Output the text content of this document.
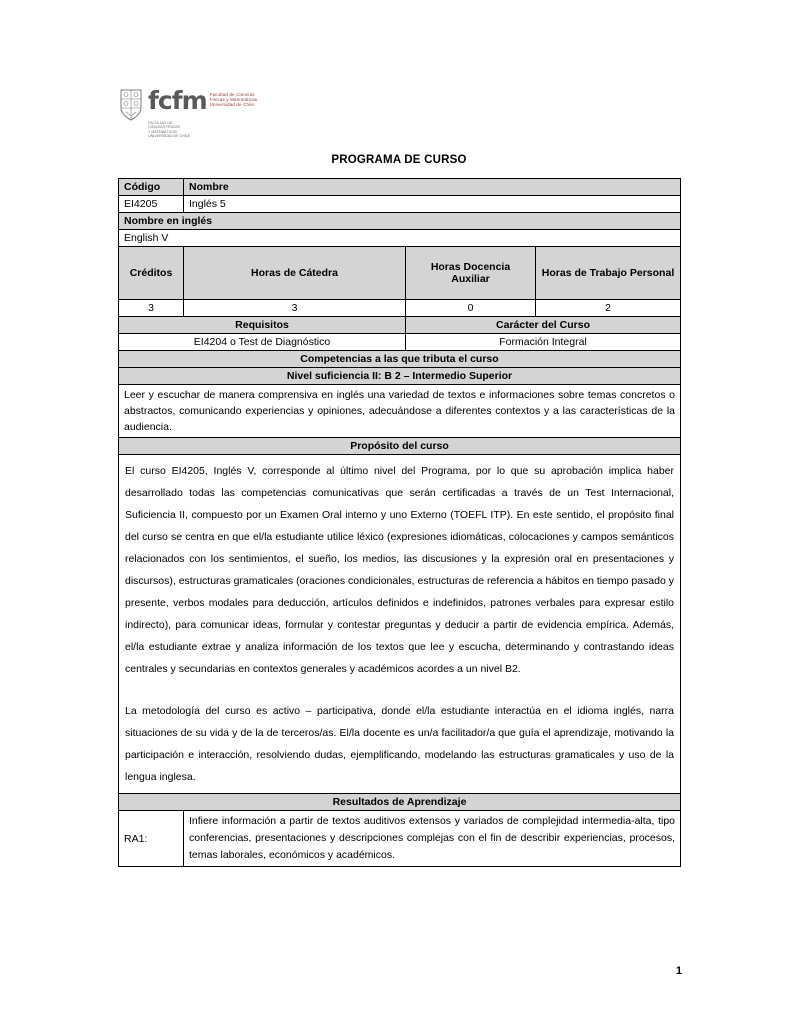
fcfm Facultad de Ciencias
Físicas y Matemáticas
Universidad de Chile
FACULTAD DE
CIENCIAS FÍSICAS
Y MATEMÁTICAS
UNIVERSIDAD DE CHILE
PROGRAMA DE CURSO
Código	Nombre		
EI4205	Inglés 5		
Nombre en inglés			
English V			
Créditos	Horas de Cátedra	Horas Docencia Auxiliar	Horas de Trabajo Personal
3	3	0	2
Requisitos		Carácter del Curso	
EI4204 o Test de Diagnóstico		Formación Integral	
Competencias a las que tributa el curso			
Nivel suficiencia II: B 2 – Intermedio Superior			
Leer y escuchar de manera comprensiva en inglés una variedad de textos e informaciones sobre temas concretos o abstractos, comunicando experiencias y opiniones, adecuándose a diferentes contextos y a las características de la audiencia.			
Propósito del curso			

El curso EI4205, Inglés V, corresponde al último nivel del Programa, por lo que su aprobación implica haber desarrollado todas las competencias comunicativas que serán certificadas a través de un Test Internacional, Suficiencia II, compuesto por un Examen Oral interno y uno Externo (TOEFL ITP). En este sentido, el propósito final del curso se centra en que el/la estudiante utilice léxico (expresiones idiomáticas, colocaciones y campos semánticos relacionados con los sentimientos, el sueño, los medios, las discusiones y la expresión oral en presentaciones y discursos), estructuras gramaticales (oraciones condicionales, estructuras de referencia a hábitos en tiempo pasado y presente, verbos modales para deducción, artículos definidos e indefinidos, patrones verbales para expresar estilo indirecto), para comunicar ideas, formular y contestar preguntas y deducir a partir de evidencia empírica. Además, el/la estudiante extrae y analiza información de los textos que lee y escucha, determinando y contrastando ideas centrales y secundarias en contextos generales y académicos acordes a un nivel B2.
La metodología del curso es activo – participativa, donde el/la estudiante interactúa en el idioma inglés, narra situaciones de su vida y de la de terceros/as. El/la docente es un/a facilitador/a que guía el aprendizaje, motivando la participación e interacción, resolviendo dudas, ejemplificando, modelando las estructuras gramaticales y uso de la lengua inglesa.			

Resultados de Aprendizaje			
RA1:	Infiere información a partir de textos auditivos extensos y variados de complejidad intermedia-alta, tipo conferencias, presentaciones y descripciones complejas con el fin de describir experiencias, procesos, temas laborales, económicos y académicos.		
1
